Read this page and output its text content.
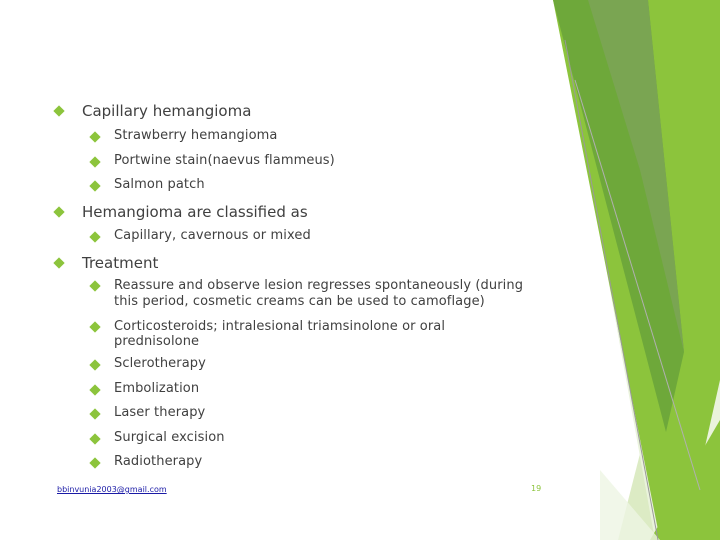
Capillary hemangioma
Strawberry hemangioma
Portwine stain(naevus flammeus)
Salmon patch
Hemangioma are classified as
Capillary, cavernous or mixed
Treatment
Reassure and observe lesion regresses spontaneously (during
this period, cosmetic creams can be used to camoflage)
Corticosteroids; intralesional triamsinolone or oral
prednisolone
Sclerotherapy
Embolization
Laser therapy
Surgical excision
Radiotherapy
bbinvunia2003@gmail.com	19
